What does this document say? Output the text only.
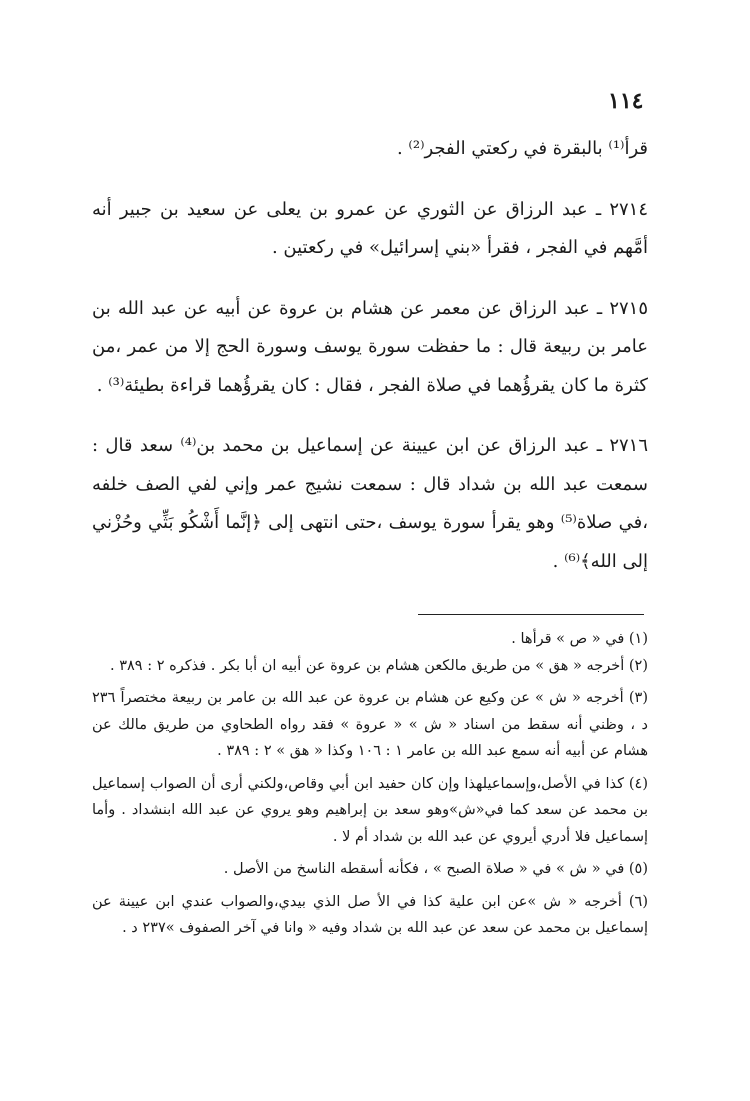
١١٤

قرأ⁽¹⁾ بالبقرة في ركعتي الفجر⁽²⁾ .

٢٧١٤ ـ عبد الرزاق عن الثوري عن عمرو بن يعلى عن سعيد بن جبير أنه أمَّهم في الفجر ، فقرأ «بني إسرائيل» في ركعتين .

٢٧١٥ ـ عبد الرزاق عن معمر عن هشام بن عروة عن أبيه عن عبد الله بن عامر بن ربيعة قال : ما حفظت سورة يوسف وسورة الحج إلا من عمر ،من كثرة ما كان يقرؤُهما في صلاة الفجر ، فقال : كان يقرؤُهما قراءة بطيئة⁽³⁾ .

٢٧١٦ ـ عبد الرزاق عن ابن عيينة عن إسماعيل بن محمد بن⁽⁴⁾ سعد قال : سمعت عبد الله بن شداد قال : سمعت نشيج عمر وإني لفي الصف خلفه ،في صلاة⁽⁵⁾ وهو يقرأ سورة يوسف ،حتى انتهى إلى ﴿إنَّما أَشْكُو بَثِّي وحُزْني إلى الله﴾⁽⁶⁾ .

(١) في « ص » قرأها .

(٢) أخرجه « هق » من طريق مالكعن هشام بن عروة عن أبيه ان أبا بكر . فذكره ٢ : ٣٨٩ .

(٣) أخرجه « ش » عن وكيع عن هشام بن عروة عن عبد الله بن عامر بن ربيعة مختصراً ٢٣٦ د ، وظني أنه سقط من اسناد « ش » « عروة » فقد رواه الطحاوي من طريق مالك عن هشام عن أبيه أنه سمع عبد الله بن عامر ١ : ١٠٦ وكذا « هق » ٢ : ٣٨٩ .

(٤) كذا في الأصل،وإسماعيلهذا وإن كان حفيد ابن أبي وقاص،ولكني أرى أن الصواب إسماعيل بن محمد عن سعد كما في«ش»وهو سعد بن إبراهيم وهو يروي عن عبد الله ابنشداد . وأما إسماعيل فلا أدري أيروي عن عبد الله بن شداد أم لا .

(٥) في « ش » في « صلاة الصبح » ، فكأنه أسقطه الناسخ من الأصل .

(٦) أخرجه « ش »عن ابن علية كذا في الأ صل الذي بيدي،والصواب عندي ابن عيينة عن إسماعيل بن محمد عن سعد عن عبد الله بن شداد وفيه « وانا في آخر الصفوف »٢٣٧ د .
